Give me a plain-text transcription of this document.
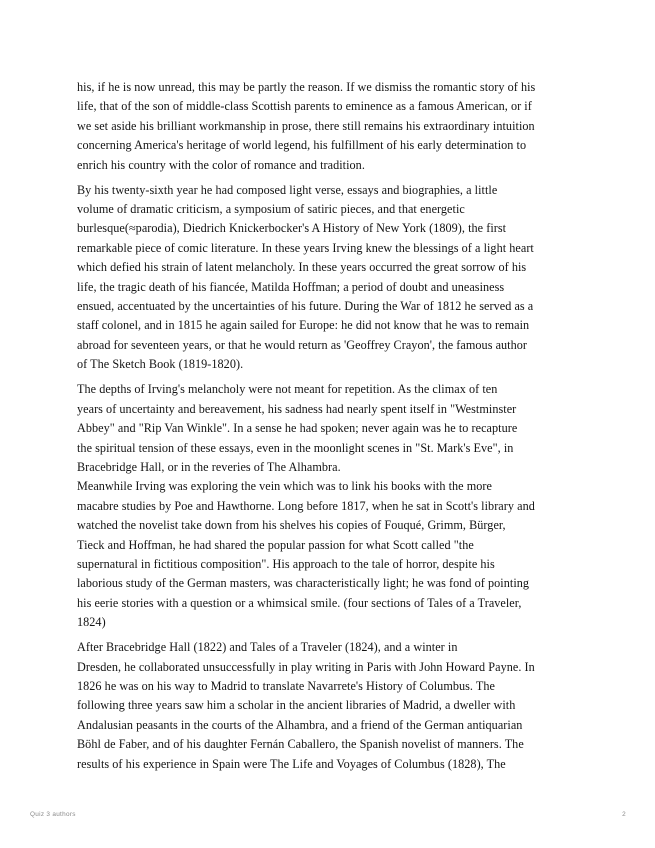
his, if he is now unread, this may be partly the reason. If we dismiss the romantic story of his
life, that of the son of middle-class Scottish parents to eminence as a famous American, or if
we set aside his brilliant workmanship in prose, there still remains his extraordinary intuition
concerning America's heritage of world legend, his fulfillment of his early determination to
enrich his country with the color of romance and tradition.

By his twenty-sixth year he had composed light verse, essays and biographies, a little
volume of dramatic criticism, a symposium of satiric pieces, and that energetic
burlesque(≈parodia), Diedrich Knickerbocker's A History of New York (1809), the first
remarkable piece of comic literature. In these years Irving knew the blessings of a light heart
which defied his strain of latent melancholy. In these years occurred the great sorrow of his
life, the tragic death of his fiancée, Matilda Hoffman; a period of doubt and uneasiness
ensued, accentuated by the uncertainties of his future. During the War of 1812 he served as a
staff colonel, and in 1815 he again sailed for Europe: he did not know that he was to remain
abroad for seventeen years, or that he would return as 'Geoffrey Crayon', the famous author
of The Sketch Book (1819-1820).

The depths of Irving's melancholy were not meant for repetition. As the climax of ten
years of uncertainty and bereavement, his sadness had nearly spent itself in "Westminster
Abbey" and "Rip Van Winkle". In a sense he had spoken; never again was he to recapture
the spiritual tension of these essays, even in the moonlight scenes in "St. Mark's Eve", in
Bracebridge Hall, or in the reveries of The Alhambra.

Meanwhile Irving was exploring the vein which was to link his books with the more
macabre studies by Poe and Hawthorne. Long before 1817, when he sat in Scott's library and
watched the novelist take down from his shelves his copies of Fouqué, Grimm, Bürger,
Tieck and Hoffman, he had shared the popular passion for what Scott called "the
supernatural in fictitious composition". His approach to the tale of horror, despite his
laborious study of the German masters, was characteristically light; he was fond of pointing
his eerie stories with a question or a whimsical smile. (four sections of Tales of a Traveler,
1824)

After Bracebridge Hall (1822) and Tales of a Traveler (1824), and a winter in
Dresden, he collaborated unsuccessfully in play writing in Paris with John Howard Payne. In
1826 he was on his way to Madrid to translate Navarrete's History of Columbus. The
following three years saw him a scholar in the ancient libraries of Madrid, a dweller with
Andalusian peasants in the courts of the Alhambra, and a friend of the German antiquarian
Böhl de Faber, and of his daughter Fernán Caballero, the Spanish novelist of manners. The
results of his experience in Spain were The Life and Voyages of Columbus (1828), The

Quiz 3 authors	2
